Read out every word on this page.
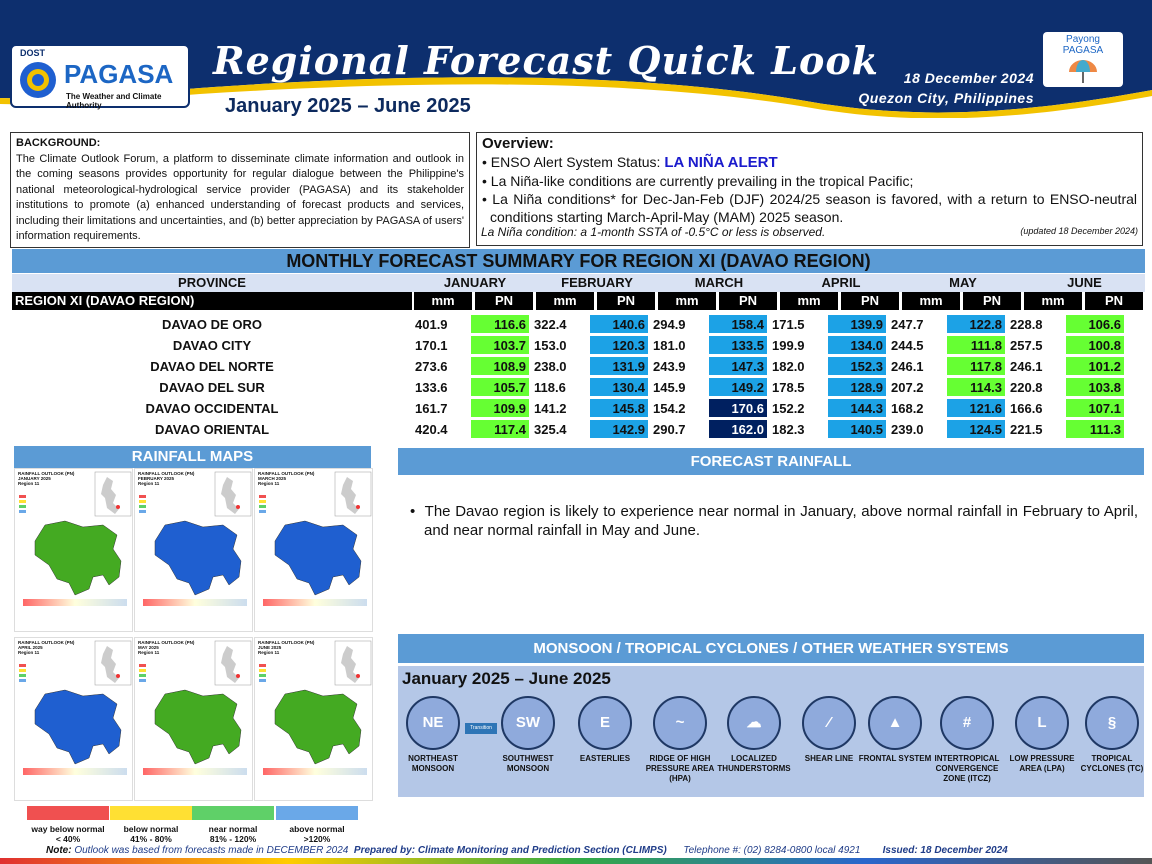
DOST
PAGASA
The Weather and Climate Authority
Regional Forecast Quick Look
January 2025 – June 2025
18 December 2024
Quezon City, Philippines
Payong
PAGASA
BACKGROUND:
The Climate Outlook Forum, a platform to disseminate climate information and outlook in the coming seasons provides opportunity for regular dialogue between the Philippine's national meteorological-hydrological service provider (PAGASA) and its stakeholder institutions to promote (a) enhanced understanding of forecast products and services, including their limitations and uncertainties, and (b) better appreciation by PAGASA of users' information requirements.
Overview:
• ENSO Alert System Status: LA NIÑA ALERT
• La Niña-like conditions are currently prevailing in the tropical Pacific;
• La Niña conditions* for Dec-Jan-Feb (DJF) 2024/25 season is favored, with a return to ENSO-neutral conditions starting March-April-May (MAM) 2025 season.
La Niña condition: a 1-month SSTA of -0.5°C or less is observed.	(updated 18 December 2024)
MONTHLY FORECAST SUMMARY FOR REGION XI (DAVAO REGION)
PROVINCE	JANUARY	FEBRUARY	MARCH	APRIL	MAY	JUNE
REGION XI (DAVAO REGION)	mm	PN	mm	PN	mm	PN	mm	PN	mm	PN	mm	PN
DAVAO DE ORO	401.9	116.6	322.4	140.6	294.9	158.4	171.5	139.9	247.7	122.8	228.8	106.6
DAVAO CITY	170.1	103.7	153.0	120.3	181.0	133.5	199.9	134.0	244.5	111.8	257.5	100.8
DAVAO DEL NORTE	273.6	108.9	238.0	131.9	243.9	147.3	182.0	152.3	246.1	117.8	246.1	101.2
DAVAO DEL SUR	133.6	105.7	118.6	130.4	145.9	149.2	178.5	128.9	207.2	114.3	220.8	103.8
DAVAO OCCIDENTAL	161.7	109.9	141.2	145.8	154.2	170.6	152.2	144.3	168.2	121.6	166.6	107.1
DAVAO ORIENTAL	420.4	117.4	325.4	142.9	290.7	162.0	182.3	140.5	239.0	124.5	221.5	111.3
RAINFALL MAPS
RAINFALL OUTLOOK (PN)
JANUARY 2025
Region 11
RAINFALL OUTLOOK (PN)
FEBRUARY 2025
Region 11
RAINFALL OUTLOOK (PN)
MARCH 2025
Region 11
RAINFALL OUTLOOK (PN)
APRIL 2025
Region 11
RAINFALL OUTLOOK (PN)
MAY 2025
Region 11
RAINFALL OUTLOOK (PN)
JUNE 2025
Region 11
way below normal
< 40%
below normal
41% - 80%
near normal
81% - 120%
above normal
>120%
FORECAST RAINFALL
•  The Davao region is likely to experience near normal in January, above normal rainfall in February to April, and near normal rainfall in May and June.
MONSOON / TROPICAL CYCLONES / OTHER WEATHER SYSTEMS
January 2025 – June 2025
Transition
NE
NORTHEAST MONSOON
SW
SOUTHWEST MONSOON
E
EASTERLIES
~
RIDGE OF HIGH PRESSURE AREA (HPA)
☁
LOCALIZED THUNDERSTORMS
⁄
SHEAR LINE
▲
FRONTAL SYSTEM
#
INTERTROPICAL CONVERGENCE ZONE (ITCZ)
L
LOW PRESSURE AREA (LPA)
§
TROPICAL CYCLONES (TC)
Note: Outlook was based from forecasts made in DECEMBER 2024 Prepared by: Climate Monitoring and Prediction Section (CLIMPS) Telephone #: (02) 8284-0800 local 4921 Issued: 18 December 2024
